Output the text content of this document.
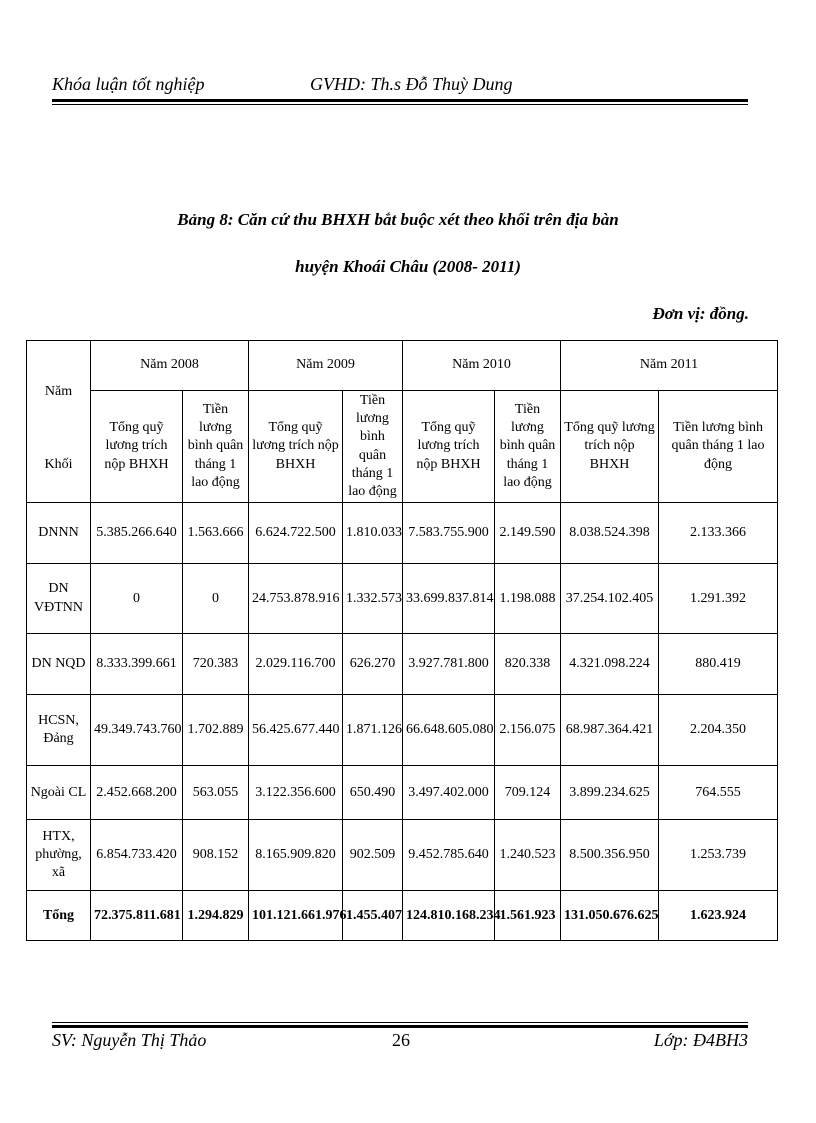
Khóa luận tốt nghiệp	GVHD: Th.s Đỗ Thuỳ Dung
Bảng 8: Căn cứ thu BHXH bắt buộc xét theo khối trên địa bàn
huyện Khoái Châu (2008- 2011)
Đơn vị: đồng.
Năm
Khối	Năm 2008		Năm 2009		Năm 2010		Năm 2011	
	Tổng quỹ lương trích nộp BHXH	Tiền lương bình quân tháng 1 lao động	Tổng quỹ lương trích nộp BHXH	Tiền lương bình quân tháng 1 lao động	Tổng quỹ lương trích nộp BHXH	Tiền lương bình quân tháng 1 lao động	Tổng quỹ lương trích nộp BHXH	Tiền lương bình quân tháng 1 lao động
DNNN	5.385.266.640	1.563.666	6.624.722.500	1.810.033	7.583.755.900	2.149.590	8.038.524.398	2.133.366
DN VĐTNN	0	0	24.753.878.916	1.332.573	33.699.837.814	1.198.088	37.254.102.405	1.291.392
DN NQD	8.333.399.661	720.383	2.029.116.700	626.270	3.927.781.800	820.338	4.321.098.224	880.419
HCSN, Đảng	49.349.743.760	1.702.889	56.425.677.440	1.871.126	66.648.605.080	2.156.075	68.987.364.421	2.204.350
Ngoài CL	2.452.668.200	563.055	3.122.356.600	650.490	3.497.402.000	709.124	3.899.234.625	764.555
HTX, phường, xã	6.854.733.420	908.152	8.165.909.820	902.509	9.452.785.640	1.240.523	8.500.356.950	1.253.739
Tổng	72.375.811.681	1.294.829	101.121.661.976	1.455.407	124.810.168.234	1.561.923	131.050.676.625	1.623.924
SV: Nguyễn Thị Thảo	26	Lớp: Đ4BH3
